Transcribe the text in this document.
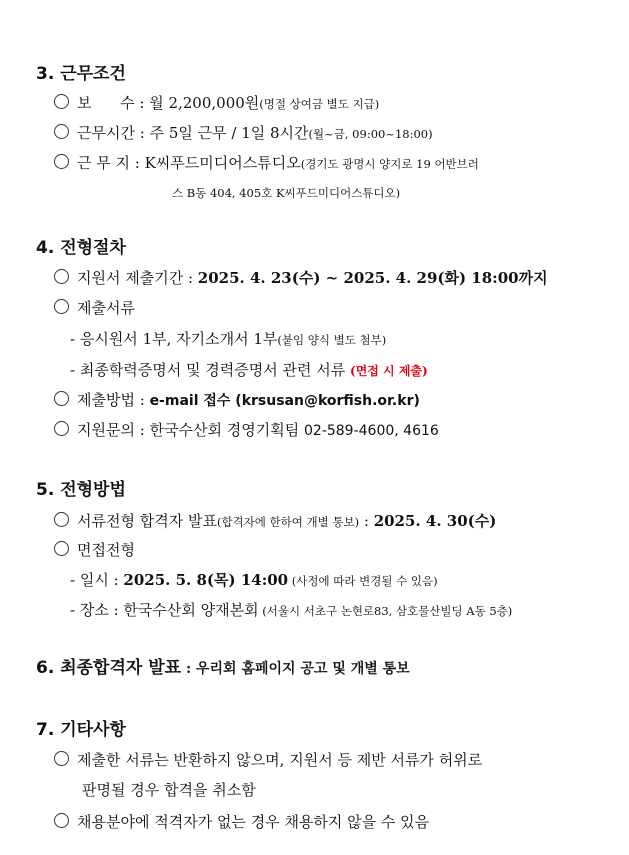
3. 근무조건
보      수 : 월 2,200,000원(명절 상여금 별도 지급)
근무시간 : 주 5일 근무 / 1일 8시간(월~금, 09:00~18:00)
근 무 지 : K씨푸드미디어스튜디오(경기도 광명시 양지로 19 어반브러
스 B동 404, 405호 K씨푸드미디어스튜디오)
4. 전형절차
지원서 제출기간 : 2025. 4. 23(수) ~ 2025. 4. 29(화) 18:00까지
제출서류
- 응시원서 1부, 자기소개서 1부(붙임 양식 별도 첨부)
- 최종학력증명서 및 경력증명서 관련 서류 (면접 시 제출)
제출방법 : e-mail 접수 (krsusan@korfish.or.kr)
지원문의 : 한국수산회 경영기획팀 02-589-4600, 4616
5. 전형방법
서류전형 합격자 발표(합격자에 한하여 개별 통보) : 2025. 4. 30(수)
면접전형
- 일시 : 2025. 5. 8(목) 14:00 (사정에 따라 변경될 수 있음)
- 장소 : 한국수산회 양재본회 (서울시 서초구 논현로83, 삼호물산빌딩 A동 5층)
6. 최종합격자 발표 : 우리회 홈페이지 공고 및 개별 통보
7. 기타사항
제출한 서류는 반환하지 않으며, 지원서 등 제반 서류가 허위로
판명될 경우 합격을 취소함
채용분야에 적격자가 없는 경우 채용하지 않을 수 있음
